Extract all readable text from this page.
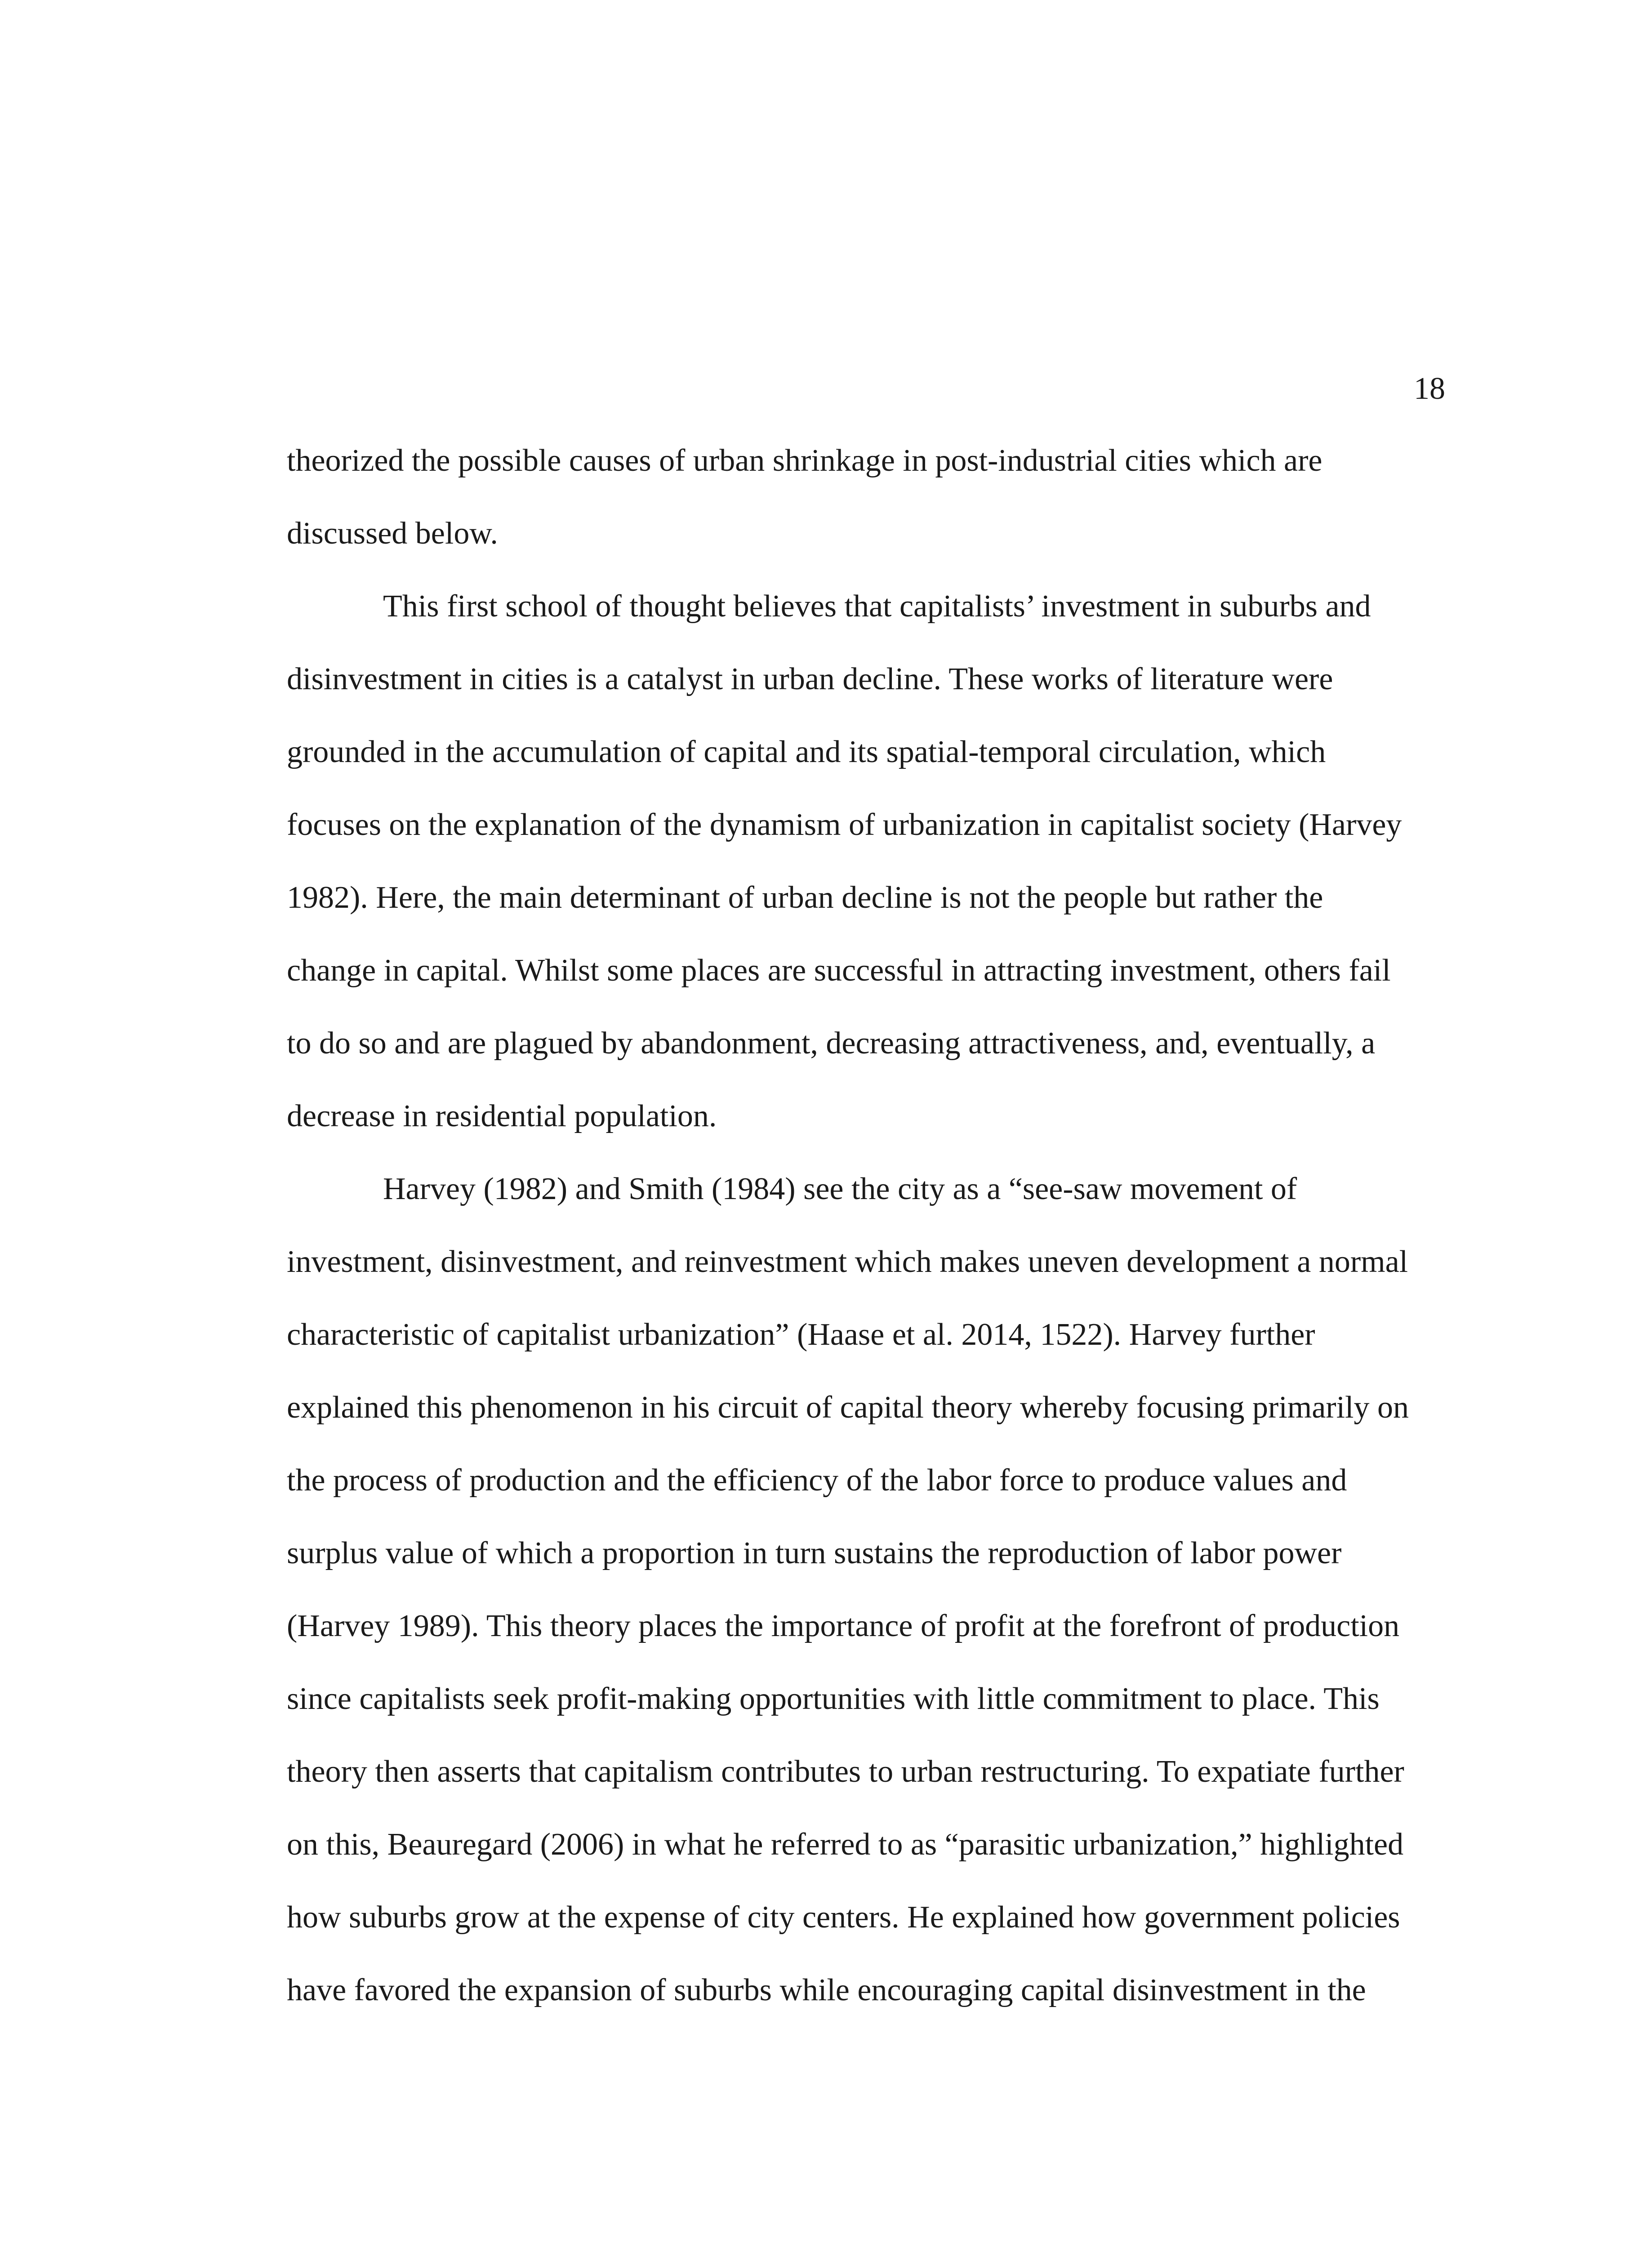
18
theorized the possible causes of urban shrinkage in post-industrial cities which are
discussed below.
This first school of thought believes that capitalists’ investment in suburbs and
disinvestment in cities is a catalyst in urban decline. These works of literature were
grounded in the accumulation of capital and its spatial-temporal circulation, which
focuses on the explanation of the dynamism of urbanization in capitalist society (Harvey
1982). Here, the main determinant of urban decline is not the people but rather the
change in capital. Whilst some places are successful in attracting investment, others fail
to do so and are plagued by abandonment, decreasing attractiveness, and, eventually, a
decrease in residential population.
Harvey (1982) and Smith (1984) see the city as a “see-saw movement of
investment, disinvestment, and reinvestment which makes uneven development a normal
characteristic of capitalist urbanization” (Haase et al. 2014, 1522). Harvey further
explained this phenomenon in his circuit of capital theory whereby focusing primarily on
the process of production and the efficiency of the labor force to produce values and
surplus value of which a proportion in turn sustains the reproduction of labor power
(Harvey 1989). This theory places the importance of profit at the forefront of production
since capitalists seek profit-making opportunities with little commitment to place. This
theory then asserts that capitalism contributes to urban restructuring. To expatiate further
on this, Beauregard (2006) in what he referred to as “parasitic urbanization,” highlighted
how suburbs grow at the expense of city centers. He explained how government policies
have favored the expansion of suburbs while encouraging capital disinvestment in the
